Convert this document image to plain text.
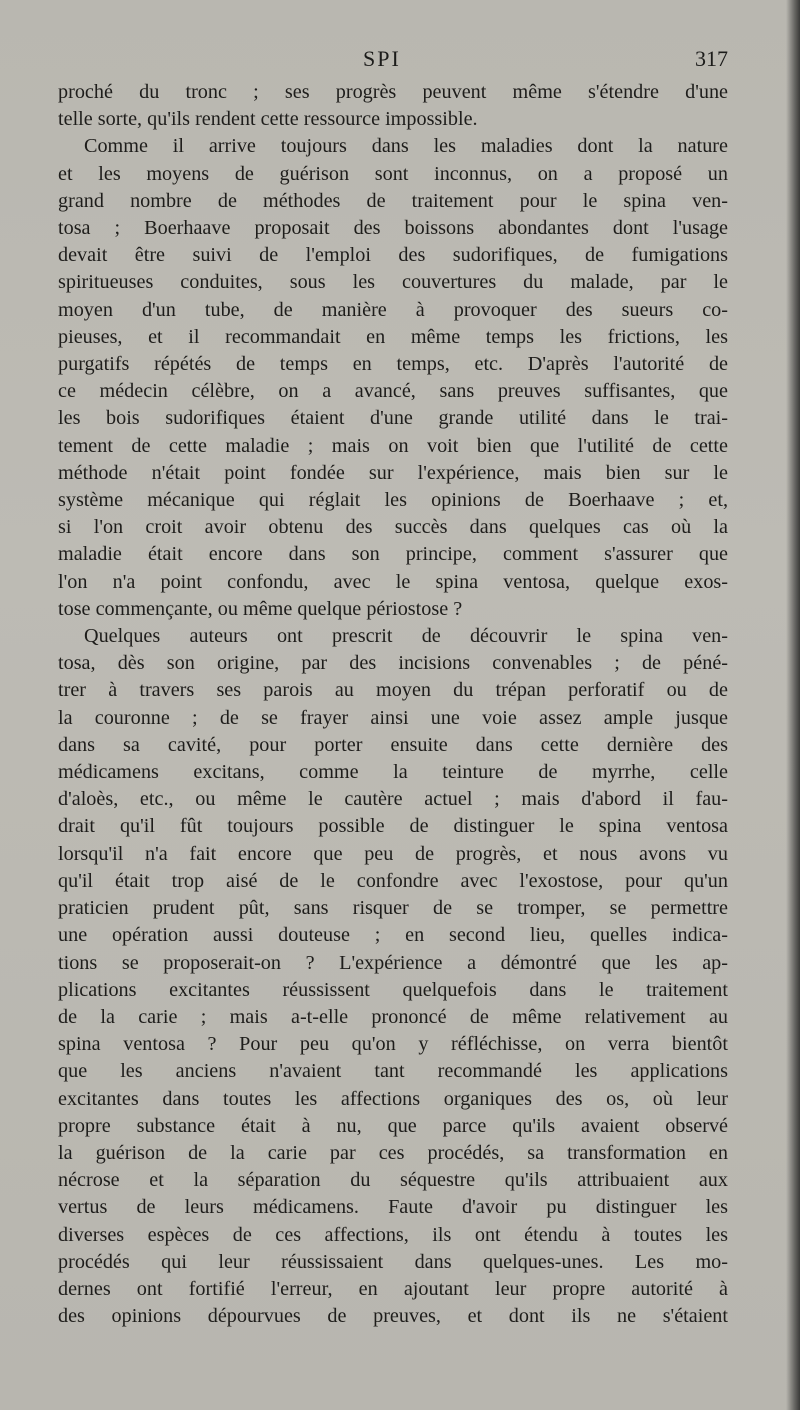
SPI	317
proché du tronc ; ses progrès peuvent même s'étendre d'une
telle sorte, qu'ils rendent cette ressource impossible.
Comme il arrive toujours dans les maladies dont la nature
et les moyens de guérison sont inconnus, on a proposé un
grand nombre de méthodes de traitement pour le spina ven-
tosa ; Boerhaave proposait des boissons abondantes dont l'usage
devait être suivi de l'emploi des sudorifiques, de fumigations
spiritueuses conduites, sous les couvertures du malade, par le
moyen d'un tube, de manière à provoquer des sueurs co-
pieuses, et il recommandait en même temps les frictions, les
purgatifs répétés de temps en temps, etc. D'après l'autorité de
ce médecin célèbre, on a avancé, sans preuves suffisantes, que
les bois sudorifiques étaient d'une grande utilité dans le trai-
tement de cette maladie ; mais on voit bien que l'utilité de cette
méthode n'était point fondée sur l'expérience, mais bien sur le
système mécanique qui réglait les opinions de Boerhaave ; et,
si l'on croit avoir obtenu des succès dans quelques cas où la
maladie était encore dans son principe, comment s'assurer que
l'on n'a point confondu, avec le spina ventosa, quelque exos-
tose commençante, ou même quelque périostose ?
Quelques auteurs ont prescrit de découvrir le spina ven-
tosa, dès son origine, par des incisions convenables ; de péné-
trer à travers ses parois au moyen du trépan perforatif ou de
la couronne ; de se frayer ainsi une voie assez ample jusque
dans sa cavité, pour porter ensuite dans cette dernière des
médicamens excitans, comme la teinture de myrrhe, celle
d'aloès, etc., ou même le cautère actuel ; mais d'abord il fau-
drait qu'il fût toujours possible de distinguer le spina ventosa
lorsqu'il n'a fait encore que peu de progrès, et nous avons vu
qu'il était trop aisé de le confondre avec l'exostose, pour qu'un
praticien prudent pût, sans risquer de se tromper, se permettre
une opération aussi douteuse ; en second lieu, quelles indica-
tions se proposerait-on ? L'expérience a démontré que les ap-
plications excitantes réussissent quelquefois dans le traitement
de la carie ; mais a-t-elle prononcé de même relativement au
spina ventosa ? Pour peu qu'on y réfléchisse, on verra bientôt
que les anciens n'avaient tant recommandé les applications
excitantes dans toutes les affections organiques des os, où leur
propre substance était à nu, que parce qu'ils avaient observé
la guérison de la carie par ces procédés, sa transformation en
nécrose et la séparation du séquestre qu'ils attribuaient aux
vertus de leurs médicamens. Faute d'avoir pu distinguer les
diverses espèces de ces affections, ils ont étendu à toutes les
procédés qui leur réussissaient dans quelques-unes. Les mo-
dernes ont fortifié l'erreur, en ajoutant leur propre autorité à
des opinions dépourvues de preuves, et dont ils ne s'étaient
